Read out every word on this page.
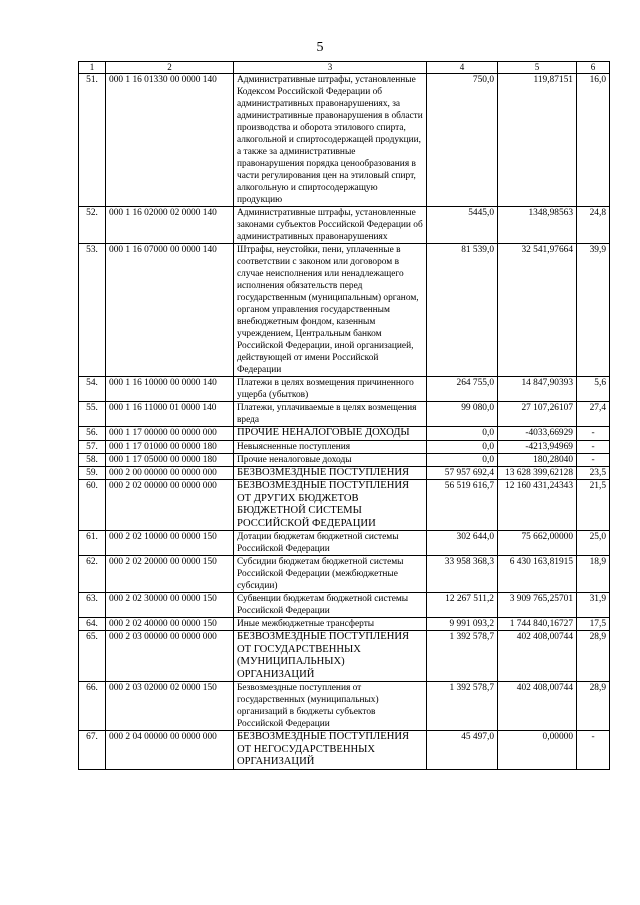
5
1	2	3	4	5	6
51.	000 1 16 01330 00 0000 140	Административные штрафы, установленные Кодексом Российской Федерации об административных правонарушениях, за административные правонарушения в области производства и оборота этилового спирта, алкогольной и спиртосодержащей продукции, а также за административные правонарушения порядка ценообразования в части регулирования цен на этиловый спирт, алкогольную и спиртосодержащую продукцию	750,0	119,87151	16,0
52.	000 1 16 02000 02 0000 140	Административные штрафы, установленные законами субъектов Российской Федерации об административных правонарушениях	5445,0	1348,98563	24,8
53.	000 1 16 07000 00 0000 140	Штрафы, неустойки, пени, уплаченные в соответствии с законом или договором в случае неисполнения или ненадлежащего исполнения обязательств перед государственным (муниципальным) органом, органом управления государственным внебюджетным фондом, казенным учреждением, Центральным банком Российской Федерации, иной организацией, действующей от имени Российской Федерации	81 539,0	32 541,97664	39,9
54.	000 1 16 10000 00 0000 140	Платежи в целях возмещения причиненного ущерба (убытков)	264 755,0	14 847,90393	5,6
55.	000 1 16 11000 01 0000 140	Платежи, уплачиваемые в целях возмещения вреда	99 080,0	27 107,26107	27,4
56.	000 1 17 00000 00 0000 000	ПРОЧИЕ НЕНАЛОГОВЫЕ ДОХОДЫ	0,0	-4033,66929	-
57.	000 1 17 01000 00 0000 180	Невыясненные поступления	0,0	-4213,94969	-
58.	000 1 17 05000 00 0000 180	Прочие неналоговые доходы	0,0	180,28040	-
59.	000 2 00 00000 00 0000 000	БЕЗВОЗМЕЗДНЫЕ ПОСТУПЛЕНИЯ	57 957 692,4	13 628 399,62128	23,5
60.	000 2 02 00000 00 0000 000	БЕЗВОЗМЕЗДНЫЕ ПОСТУПЛЕНИЯ ОТ ДРУГИХ БЮДЖЕТОВ БЮДЖЕТНОЙ СИСТЕМЫ РОССИЙСКОЙ ФЕДЕРАЦИИ	56 519 616,7	12 160 431,24343	21,5
61.	000 2 02 10000 00 0000 150	Дотации бюджетам бюджетной системы Российской Федерации	302 644,0	75 662,00000	25,0
62.	000 2 02 20000 00 0000 150	Субсидии бюджетам бюджетной системы Российской Федерации (межбюджетные субсидии)	33 958 368,3	6 430 163,81915	18,9
63.	000 2 02 30000 00 0000 150	Субвенции бюджетам бюджетной системы Российской Федерации	12 267 511,2	3 909 765,25701	31,9
64.	000 2 02 40000 00 0000 150	Иные межбюджетные трансферты	9 991 093,2	1 744 840,16727	17,5
65.	000 2 03 00000 00 0000 000	БЕЗВОЗМЕЗДНЫЕ ПОСТУПЛЕНИЯ ОТ ГОСУДАРСТВЕННЫХ (МУНИЦИПАЛЬНЫХ) ОРГАНИЗАЦИЙ	1 392 578,7	402 408,00744	28,9
66.	000 2 03 02000 02 0000 150	Безвозмездные поступления от государственных (муниципальных) организаций в бюджеты субъектов Российской Федерации	1 392 578,7	402 408,00744	28,9
67.	000 2 04 00000 00 0000 000	БЕЗВОЗМЕЗДНЫЕ ПОСТУПЛЕНИЯ ОТ НЕГОСУДАРСТВЕННЫХ ОРГАНИЗАЦИЙ	45 497,0	0,00000	-
